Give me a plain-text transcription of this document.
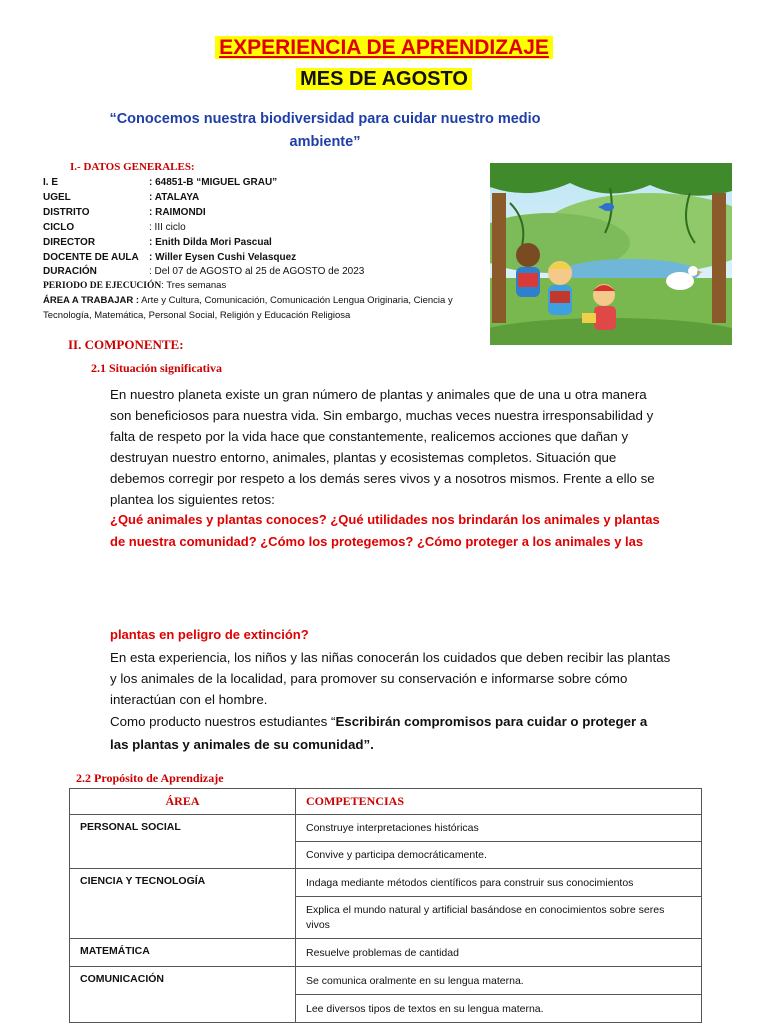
EXPERIENCIA DE APRENDIZAJE
MES DE AGOSTO
“Conocemos nuestra biodiversidad para cuidar nuestro medio ambiente”
I.- DATOS GENERALES:
I. E	: 64851-B “MIGUEL GRAU”
UGEL	: ATALAYA
DISTRITO	: RAIMONDI
CICLO	: III ciclo
DIRECTOR	: Enith Dilda Mori Pascual
DOCENTE DE AULA : Willer Eysen Cushi Velasquez
DURACIÓN	: Del 07 de AGOSTO al 25 de AGOSTO de 2023
PERIODO DE EJECUCIÓN: Tres semanas
ÁREA A TRABAJAR : Arte y Cultura, Comunicación, Comunicación Lengua Originaria, Ciencia y Tecnología, Matemática, Personal Social, Religión y Educación Religiosa
II. COMPONENTE:
2.1 Situación significativa
En nuestro planeta existe un gran número de plantas y animales que de una u otra manera
son beneficiosos para nuestra vida. Sin embargo, muchas veces nuestra irresponsabilidad y
falta de respeto por la vida hace que constantemente, realicemos acciones que dañan y
destruyan nuestro entorno, animales, plantas y ecosistemas completos. Situación que
debemos corregir por respeto a los demás seres vivos y a nosotros mismos. Frente a ello se
plantea los siguientes retos:
¿Qué animales y plantas conoces? ¿Qué utilidades nos brindarán los animales y plantas
de nuestra comunidad? ¿Cómo los protegemos? ¿Cómo proteger a los animales y las
plantas en peligro de extinción?
En esta experiencia, los niños y las niñas conocerán los cuidados que deben recibir las plantas
y los animales de la localidad, para promover su conservación e informarse sobre cómo
interactúan con el hombre.
Como producto nuestros estudiantes “Escribirán compromisos para cuidar o proteger a
las plantas y animales de su comunidad”.
2.2 Propósito de Aprendizaje
ÁREA	COMPETENCIAS
PERSONAL SOCIAL	Construye interpretaciones históricas
	Convive y participa democráticamente.
CIENCIA Y TECNOLOGÍA	Indaga mediante métodos científicos para construir sus conocimientos
	Explica el mundo natural y artificial basándose en conocimientos sobre seres vivos
MATEMÁTICA	Resuelve problemas de cantidad
COMUNICACIÓN	Se comunica oralmente en su lengua materna.
	Lee diversos tipos de textos en su lengua materna.
